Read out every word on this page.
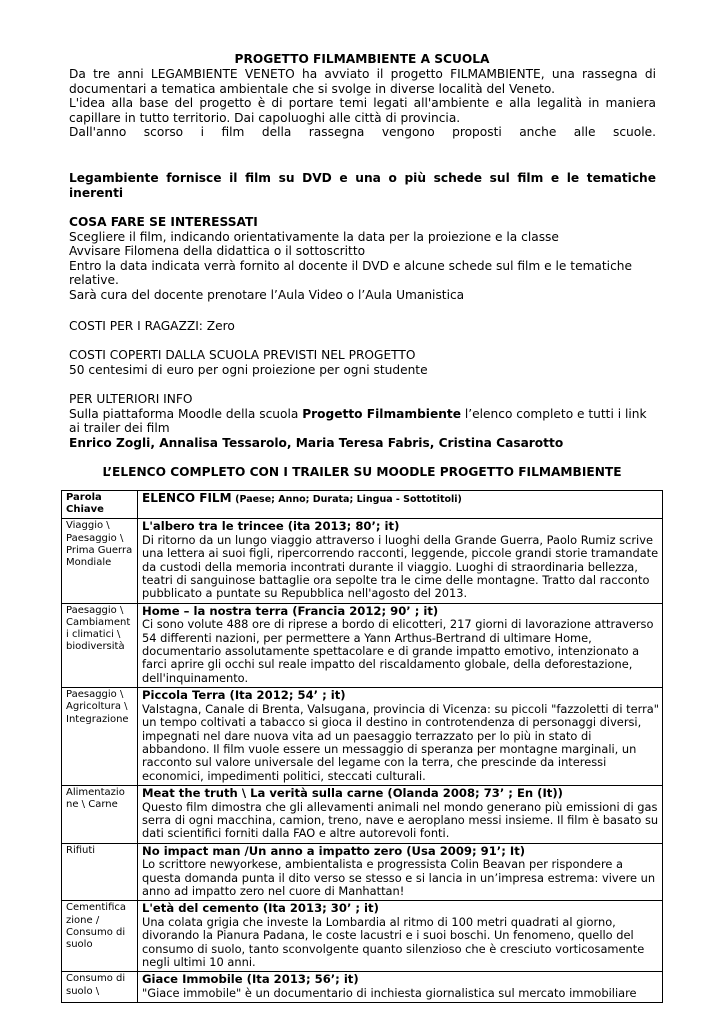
PROGETTO FILMAMBIENTE A SCUOLA
Da tre anni LEGAMBIENTE VENETO ha avviato il progetto FILMAMBIENTE, una rassegna di documentari a tematica ambientale che si svolge in diverse località del Veneto.
L'idea alla base del progetto è di portare temi legati all'ambiente e alla legalità in maniera capillare in tutto territorio. Dai capoluoghi alle città di provincia.
Dall'anno scorso i film della rassegna vengono proposti anche alle scuole.
Legambiente fornisce il film su DVD e una o più schede sul film e le tematiche inerenti
COSA FARE SE INTERESSATI
Scegliere il film, indicando orientativamente la data per la proiezione e la classe
Avvisare Filomena della didattica o il sottoscritto
Entro la data indicata verrà fornito al docente il DVD e alcune schede sul film e le tematiche relative.
Sarà cura del docente prenotare l’Aula Video o l’Aula Umanistica
COSTI PER I RAGAZZI: Zero
COSTI COPERTI DALLA SCUOLA PREVISTI NEL PROGETTO
50 centesimi di euro per ogni proiezione per ogni studente
PER ULTERIORI INFO
Sulla piattaforma Moodle della scuola Progetto Filmambiente l’elenco completo e tutti i link ai trailer dei film
Enrico Zogli, Annalisa Tessarolo, Maria Teresa Fabris, Cristina Casarotto
L’ELENCO COMPLETO CON I TRAILER SU MOODLE PROGETTO FILMAMBIENTE
Parola Chiave	ELENCO FILM (Paese; Anno; Durata; Lingua - Sottotitoli)
Viaggio \ Paesaggio \ Prima Guerra Mondiale	L'albero tra le trincee (ita 2013; 80’; it)
Di ritorno da un lungo viaggio attraverso i luoghi della Grande Guerra, Paolo Rumiz scrive una lettera ai suoi figli, ripercorrendo racconti, leggende, piccole grandi storie tramandate da custodi della memoria incontrati durante il viaggio. Luoghi di straordinaria bellezza, teatri di sanguinose battaglie ora sepolte tra le cime delle montagne. Tratto dal racconto pubblicato a puntate su Repubblica nell'agosto del 2013.

Paesaggio \ Cambiament i climatici \ biodiversità	Home – la nostra terra (Francia 2012; 90’ ; it)
Ci sono volute 488 ore di riprese a bordo di elicotteri, 217 giorni di lavorazione attraverso 54 differenti nazioni, per permettere a Yann Arthus-Bertrand di ultimare Home, documentario assolutamente spettacolare e di grande impatto emotivo, intenzionato a farci aprire gli occhi sul reale impatto del riscaldamento globale, della deforestazione, dell'inquinamento.

Paesaggio \ Agricoltura \ Integrazione	Piccola Terra (Ita 2012; 54’ ; it)
Valstagna, Canale di Brenta, Valsugana, provincia di Vicenza: su piccoli "fazzoletti di terra" un tempo coltivati a tabacco si gioca il destino in controtendenza di personaggi diversi, impegnati nel dare nuova vita ad un paesaggio terrazzato per lo più in stato di abbandono. Il film vuole essere un messaggio di speranza per montagne marginali, un racconto sul valore universale del legame con la terra, che prescinde da interessi economici, impedimenti politici, steccati culturali.

Alimentazio ne \ Carne	Meat the truth \ La verità sulla carne (Olanda 2008; 73’ ; En (It))
Questo film dimostra che gli allevamenti animali nel mondo generano più emissioni di gas serra di ogni macchina, camion, treno, nave e aeroplano messi insieme. Il film è basato su dati scientifici forniti dalla FAO e altre autorevoli fonti.

Rifiuti	No impact man /Un anno a impatto zero (Usa 2009; 91’; It)
Lo scrittore newyorkese, ambientalista e progressista Colin Beavan per rispondere a questa domanda punta il dito verso se stesso e si lancia in un’impresa estrema: vivere un anno ad impatto zero nel cuore di Manhattan!

Cementifica zione / Consumo di suolo	L'età del cemento (Ita 2013; 30’ ; it)
Una colata grigia che investe la Lombardia al ritmo di 100 metri quadrati al giorno, divorando la Pianura Padana, le coste lacustri e i suoi boschi. Un fenomeno, quello del consumo di suolo, tanto sconvolgente quanto silenzioso che è cresciuto vorticosamente negli ultimi 10 anni.

Consumo di suolo \	Giace Immobile (Ita 2013; 56’; it)
"Giace immobile" è un documentario di inchiesta giornalistica sul mercato immobiliare
